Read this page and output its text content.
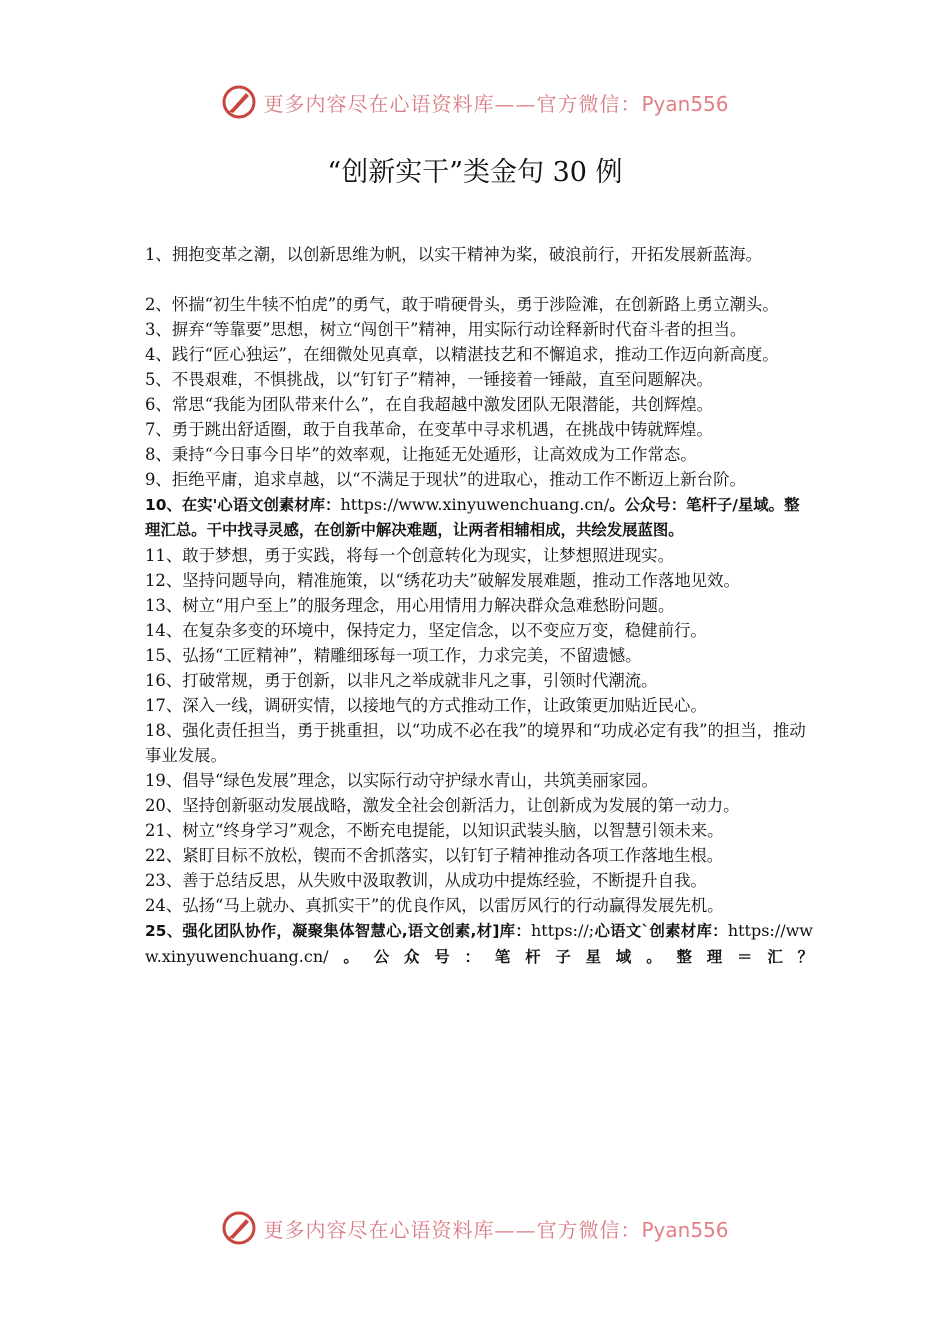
更多内容尽在心语资料库——官方微信：Pyan556
“创新实干”类金句 30 例

1、拥抱变革之潮，以创新思维为帆，以实干精神为桨，破浪前行，开拓发展新蓝海。

2、怀揣“初生牛犊不怕虎”的勇气，敢于啃硬骨头，勇于涉险滩，在创新路上勇立潮头。

3、摒弃“等靠要”思想，树立“闯创干”精神，用实际行动诠释新时代奋斗者的担当。

4、践行“匠心独运”，在细微处见真章，以精湛技艺和不懈追求，推动工作迈向新高度。

5、不畏艰难，不惧挑战，以“钉钉子”精神，一锤接着一锤敲，直至问题解决。

6、常思“我能为团队带来什么”，在自我超越中激发团队无限潜能，共创辉煌。

7、勇于跳出舒适圈，敢于自我革命，在变革中寻求机遇，在挑战中铸就辉煌。

8、秉持“今日事今日毕”的效率观，让拖延无处遁形，让高效成为工作常态。

9、拒绝平庸，追求卓越，以“不满足于现状”的进取心，推动工作不断迈上新台阶。

10、在实'心语文创素材库：https://www.xinyuwenchuang.cn/。公众号：笔杆子/星域。整理汇总。干中找寻灵感，在创新中解决难题，让两者相辅相成，共绘发展蓝图。

11、敢于梦想，勇于实践，将每一个创意转化为现实，让梦想照进现实。

12、坚持问题导向，精准施策，以“绣花功夫”破解发展难题，推动工作落地见效。

13、树立“用户至上”的服务理念，用心用情用力解决群众急难愁盼问题。

14、在复杂多变的环境中，保持定力，坚定信念，以不变应万变，稳健前行。

15、弘扬“工匠精神”，精雕细琢每一项工作，力求完美，不留遗憾。

16、打破常规，勇于创新，以非凡之举成就非凡之事，引领时代潮流。

17、深入一线，调研实情，以接地气的方式推动工作，让政策更加贴近民心。

18、强化责任担当，勇于挑重担，以“功成不必在我”的境界和“功成必定有我”的担当，推动事业发展。

19、倡导“绿色发展”理念，以实际行动守护绿水青山，共筑美丽家园。

20、坚持创新驱动发展战略，激发全社会创新活力，让创新成为发展的第一动力。

21、树立“终身学习”观念，不断充电提能，以知识武装头脑，以智慧引领未来。

22、紧盯目标不放松，锲而不舍抓落实，以钉钉子精神推动各项工作落地生根。

23、善于总结反思，从失败中汲取教训，从成功中提炼经验，不断提升自我。

24、弘扬“马上就办、真抓实干”的优良作风，以雷厉风行的行动赢得发展先机。

25、强化团队协作，凝聚集体智慧心,语文创素,材]库：https://;心语文`创素材库：https://www.xinyuwenchuang.cn/。公众号：笔杆子星域。整理＝汇？

更多内容尽在心语资料库——官方微信：Pyan556
